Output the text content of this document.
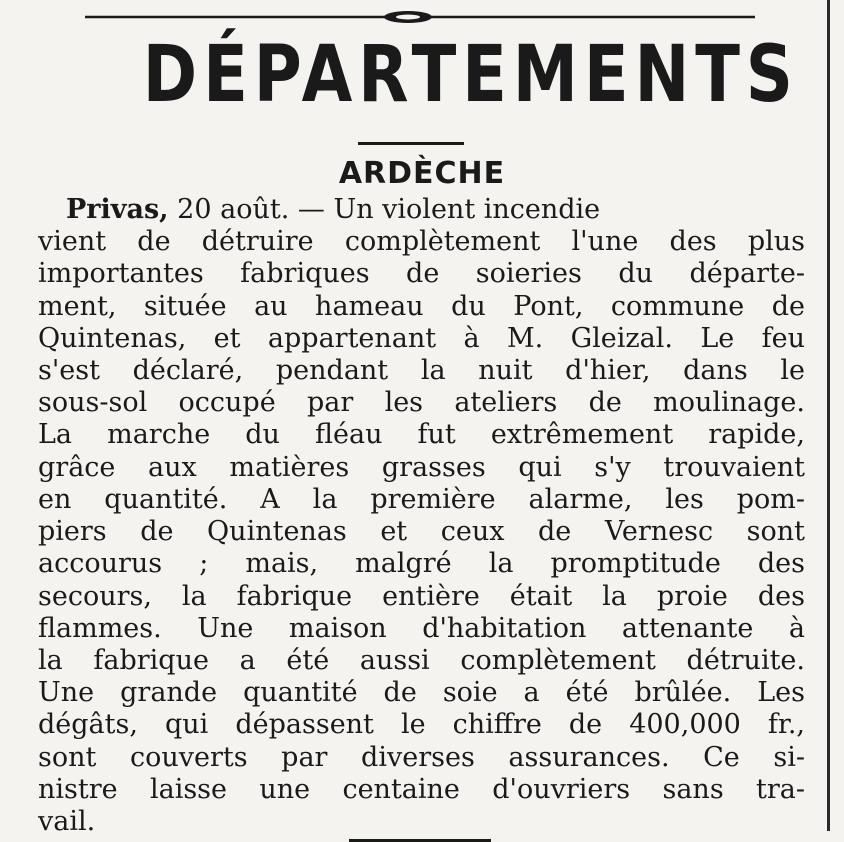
DÉPARTEMENTS
ARDÈCHE
Privas, 20 août. — Un violent incendie
vient de détruire complètement l'une des plus
importantes fabriques de soieries du départe-
ment, située au hameau du Pont, commune de
Quintenas, et appartenant à M. Gleizal. Le feu
s'est déclaré, pendant la nuit d'hier, dans le
sous-sol occupé par les ateliers de moulinage.
La marche du fléau fut extrêmement rapide,
grâce aux matières grasses qui s'y trouvaient
en quantité. A la première alarme, les pom-
piers de Quintenas et ceux de Vernesc sont
accourus ; mais, malgré la promptitude des
secours, la fabrique entière était la proie des
flammes. Une maison d'habitation attenante à
la fabrique a été aussi complètement détruite.
Une grande quantité de soie a été brûlée. Les
dégâts, qui dépassent le chiffre de 400,000 fr.,
sont couverts par diverses assurances. Ce si-
nistre laisse une centaine d'ouvriers sans tra-
vail.
